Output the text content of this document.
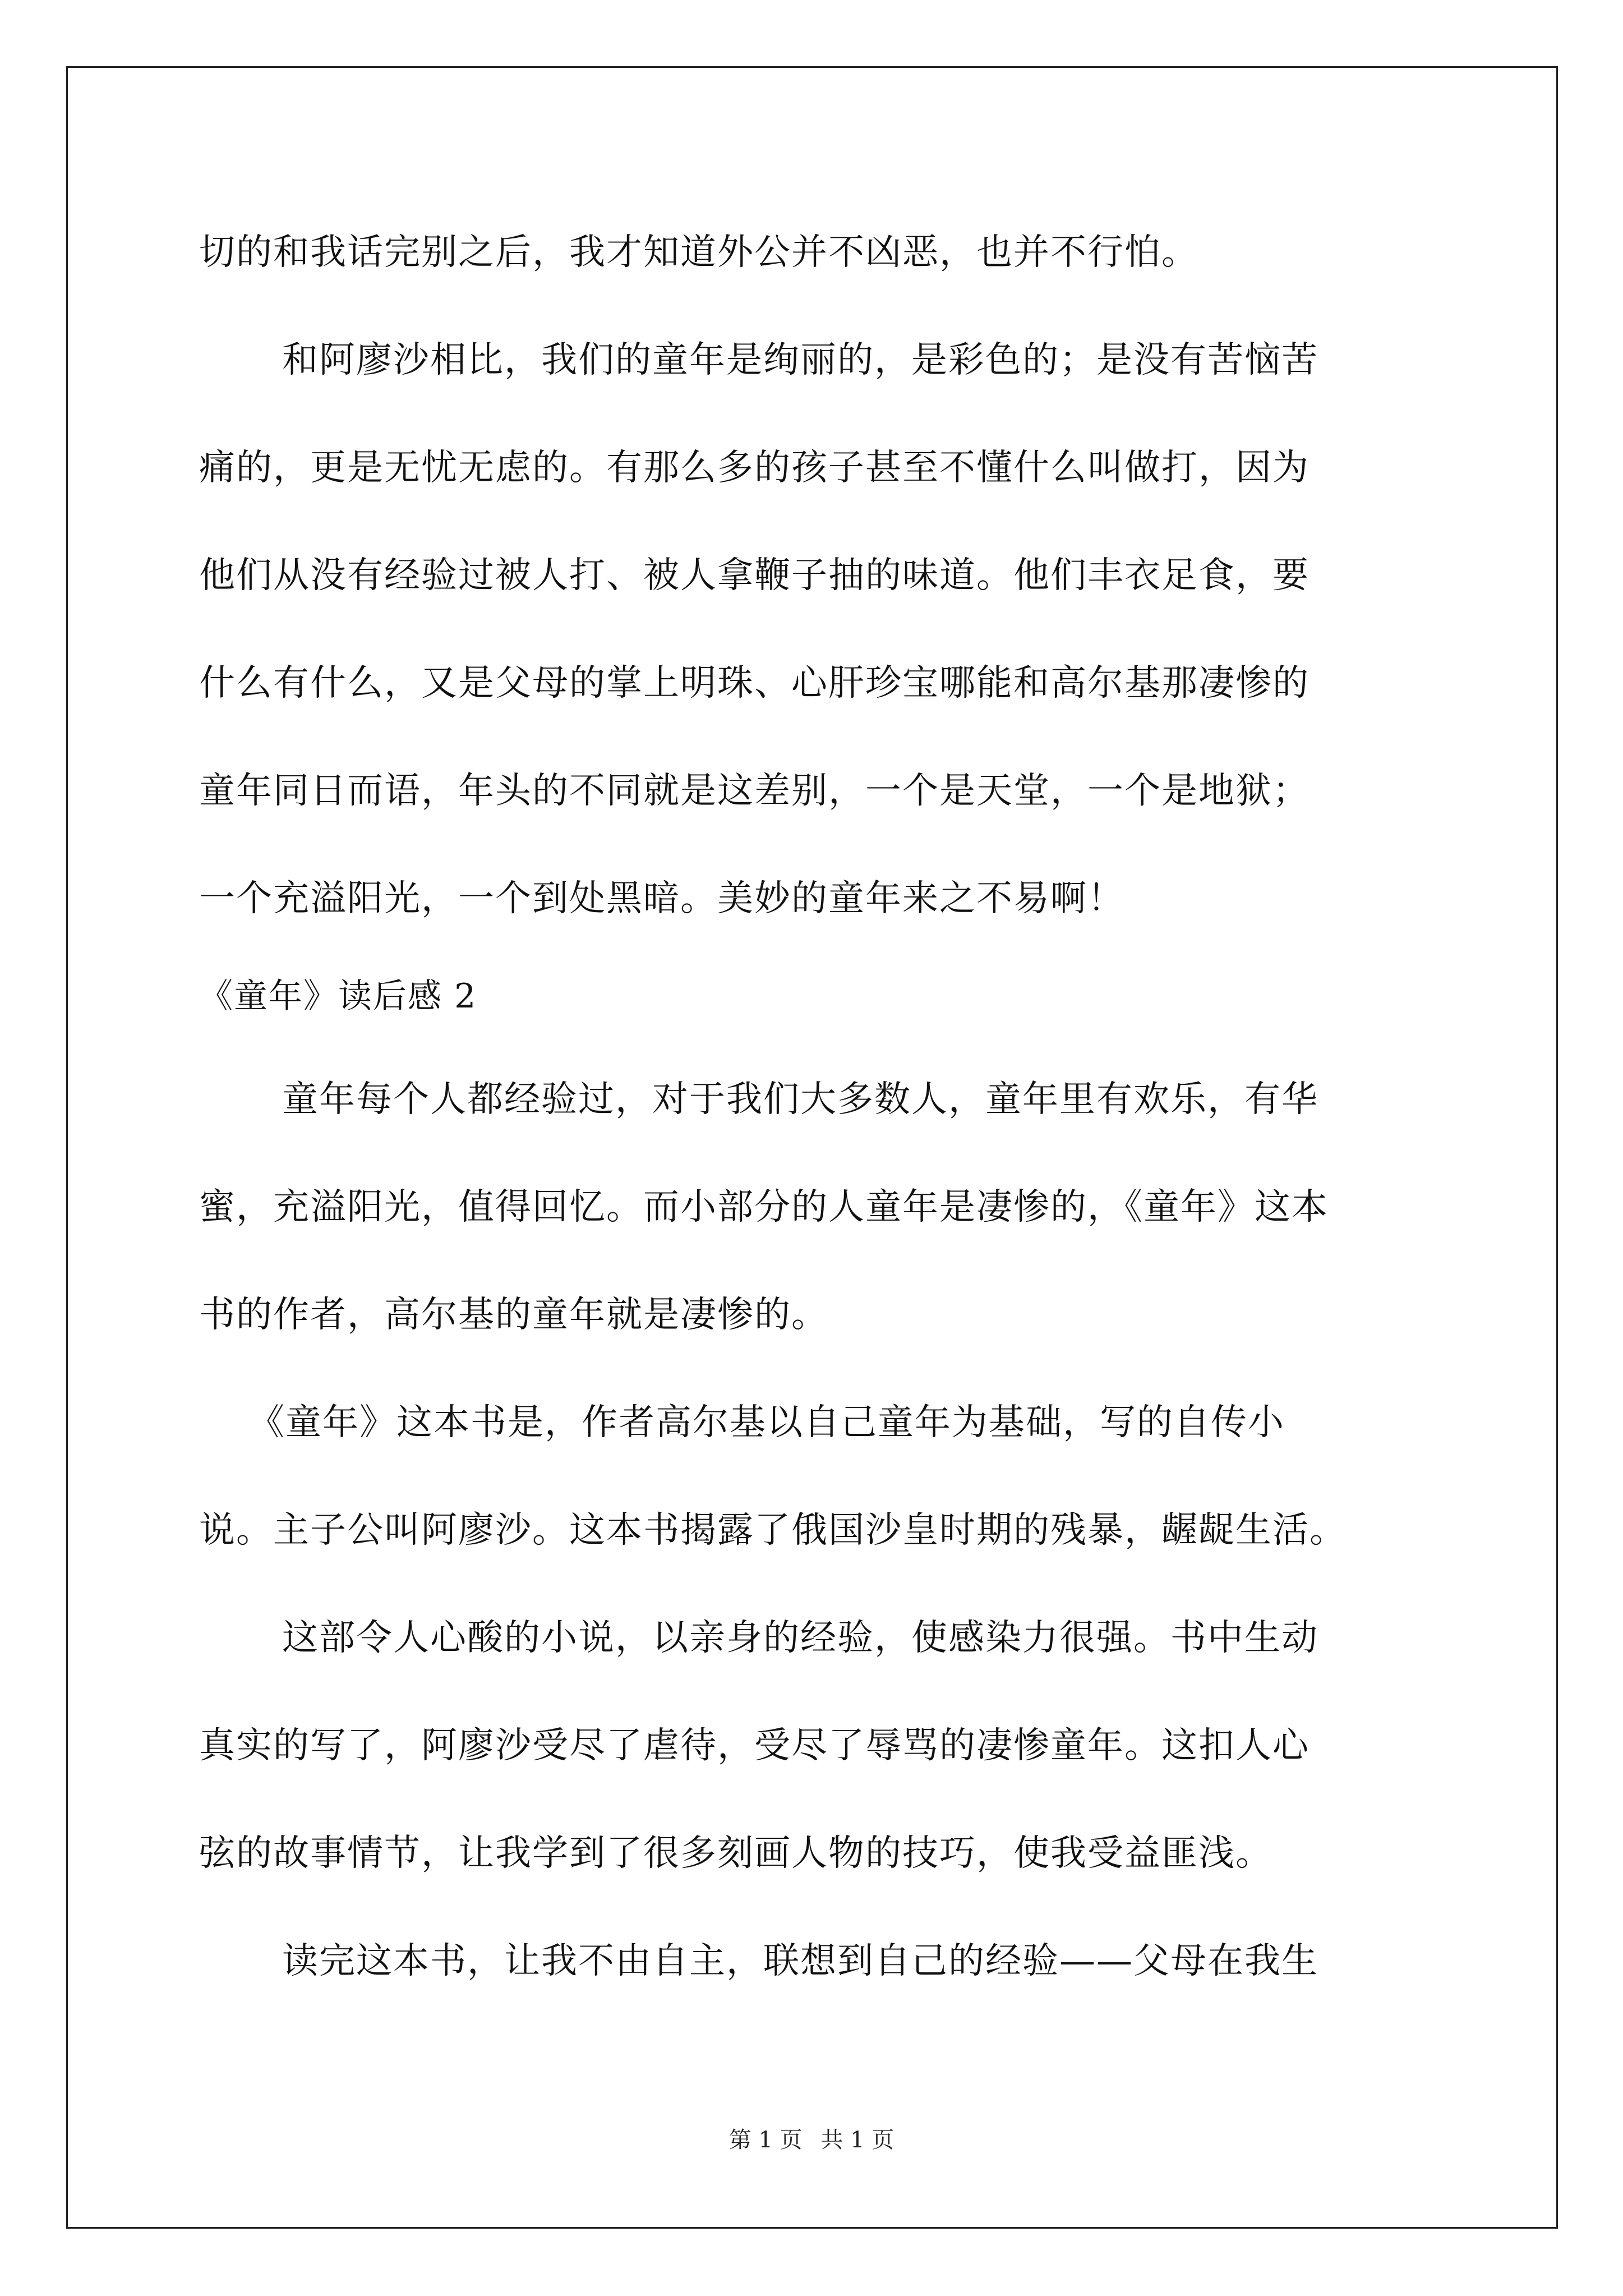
切的和我话完别之后，我才知道外公并不凶恶，也并不行怕。
和阿廖沙相比，我们的童年是绚丽的，是彩色的；是没有苦恼苦
痛的，更是无忧无虑的。有那么多的孩子甚至不懂什么叫做打，因为
他们从没有经验过被人打、被人拿鞭子抽的味道。他们丰衣足食，要
什么有什么，又是父母的掌上明珠、心肝珍宝哪能和高尔基那凄惨的
童年同日而语，年头的不同就是这差别，一个是天堂，一个是地狱；
一个充溢阳光，一个到处黑暗。美妙的童年来之不易啊！
《童年》读后感 2
童年每个人都经验过，对于我们大多数人，童年里有欢乐，有华
蜜，充溢阳光，值得回忆。而小部分的人童年是凄惨的，《童年》这本
书的作者，高尔基的童年就是凄惨的。
《童年》这本书是，作者高尔基以自己童年为基础，写的自传小
说。主子公叫阿廖沙。这本书揭露了俄国沙皇时期的残暴，龌龊生活。
这部令人心酸的小说，以亲身的经验，使感染力很强。书中生动
真实的写了，阿廖沙受尽了虐待，受尽了辱骂的凄惨童年。这扣人心
弦的故事情节，让我学到了很多刻画人物的技巧，使我受益匪浅。
读完这本书，让我不由自主，联想到自己的经验——父母在我生
第 1 页 共 1 页
